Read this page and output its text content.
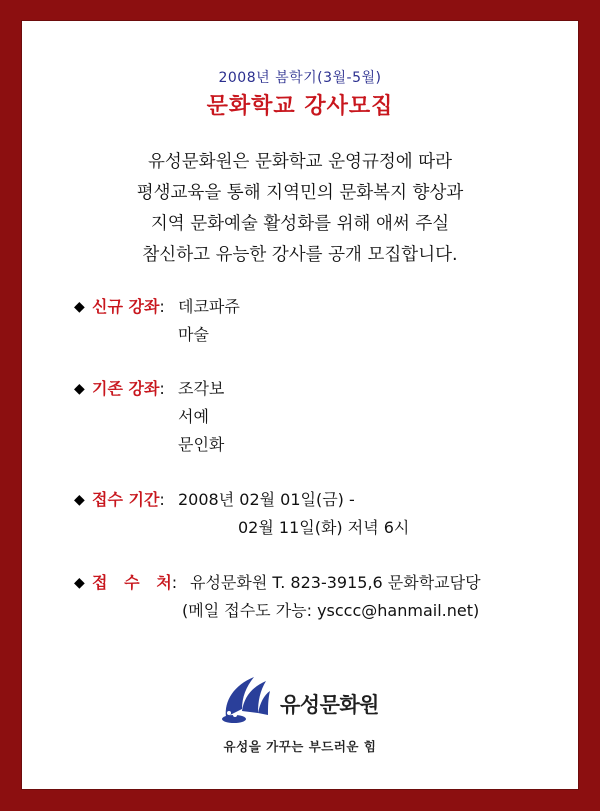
2008년 봄학기(3월-5월)
문화학교 강사모집
유성문화원은 문화학교 운영규정에 따라
평생교육을 통해 지역민의 문화복지 향상과
지역 문화예술 활성화를 위해 애써 주실
참신하고 유능한 강사를 공개 모집합니다.
◆ 신규 강좌: 데코파쥬
마술
◆ 기존 강좌: 조각보
서예
문인화
◆ 접수 기간: 2008년 02월 01일(금) -
02월 11일(화) 저녁 6시
◆ 접   수   처: 유성문화원 T. 823-3915,6 문화학교담당
(메일 접수도 가능: ysccc@hanmail.net)
유성문화원
유성을 가꾸는 부드러운 힘
